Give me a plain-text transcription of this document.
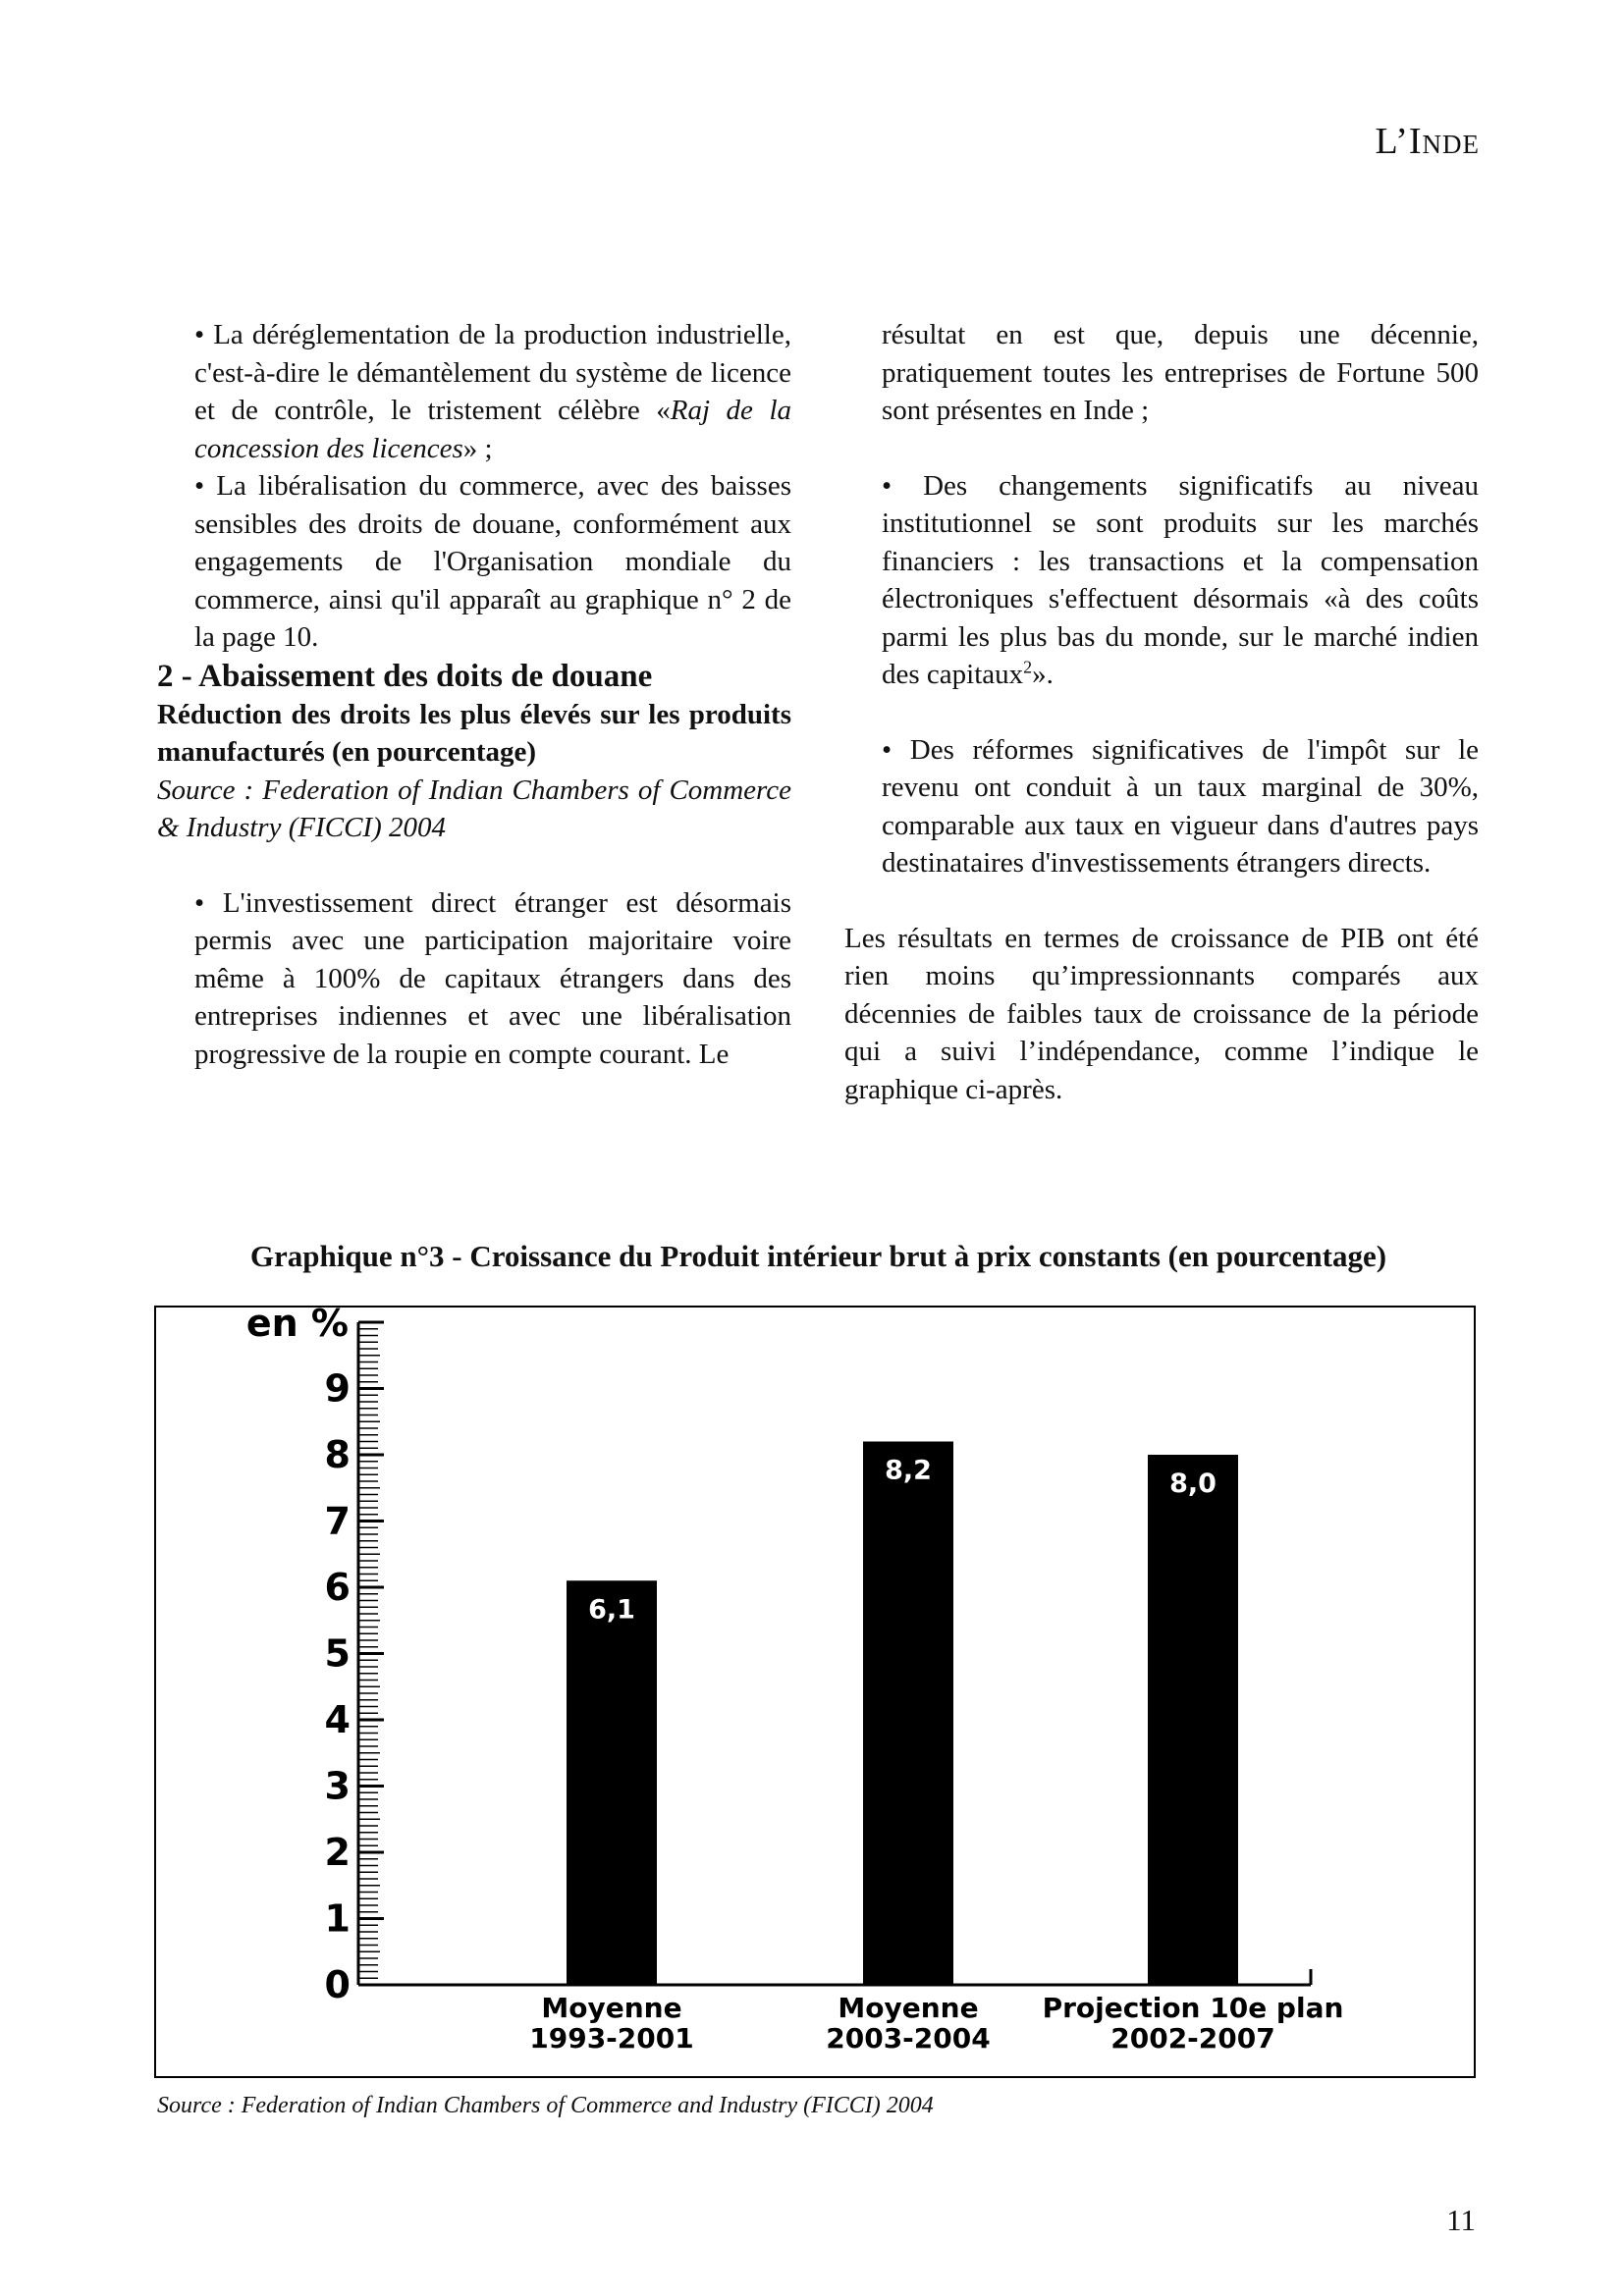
L’Inde

• La déréglementation de la production industrielle, c'est-à-dire le démantèlement du système de licence et de contrôle, le tristement célèbre «Raj de la concession des licences» ;

• La libéralisation du commerce, avec des baisses sensibles des droits de douane, conformément aux engagements de l'Organisation mondiale du commerce, ainsi qu'il apparaît au graphique n° 2 de la page 10.

2 - Abaissement des doits de douane

Réduction des droits les plus élevés sur les produits manufacturés (en pourcentage)

Source : Federation of Indian Chambers of Commerce & Industry (FICCI) 2004

• L'investissement direct étranger est désormais permis avec une participation majoritaire voire même à 100% de capitaux étrangers dans des entreprises indiennes et avec une libéralisation progressive de la roupie en compte courant. Le

résultat en est que, depuis une décennie, pratiquement toutes les entreprises de Fortune 500 sont présentes en Inde ;

• Des changements significatifs au niveau institutionnel se sont produits sur les marchés financiers : les transactions et la compensation électroniques s'effectuent désormais «à des coûts parmi les plus bas du monde, sur le marché indien des capitaux$^2$».

• Des réformes significatives de l'impôt sur le revenu ont conduit à un taux marginal de 30%, comparable aux taux en vigueur dans d'autres pays destinataires d'investissements étrangers directs.

Les résultats en termes de croissance de PIB ont été rien moins qu’impressionnants comparés aux décennies de faibles taux de croissance de la période qui a suivi l’indépendance, comme l’indique le graphique ci-après.

Graphique n°3 - Croissance du Produit intérieur brut à prix constants (en pourcentage)
0
1
2
3
4
5
6
7
8
9
en %
6,1
Moyenne
1993-2001
8,2
Moyenne
2003-2004
8,0
Projection 10e plan
2002-2007
Source : Federation of Indian Chambers of Commerce and Industry (FICCI) 2004
11
